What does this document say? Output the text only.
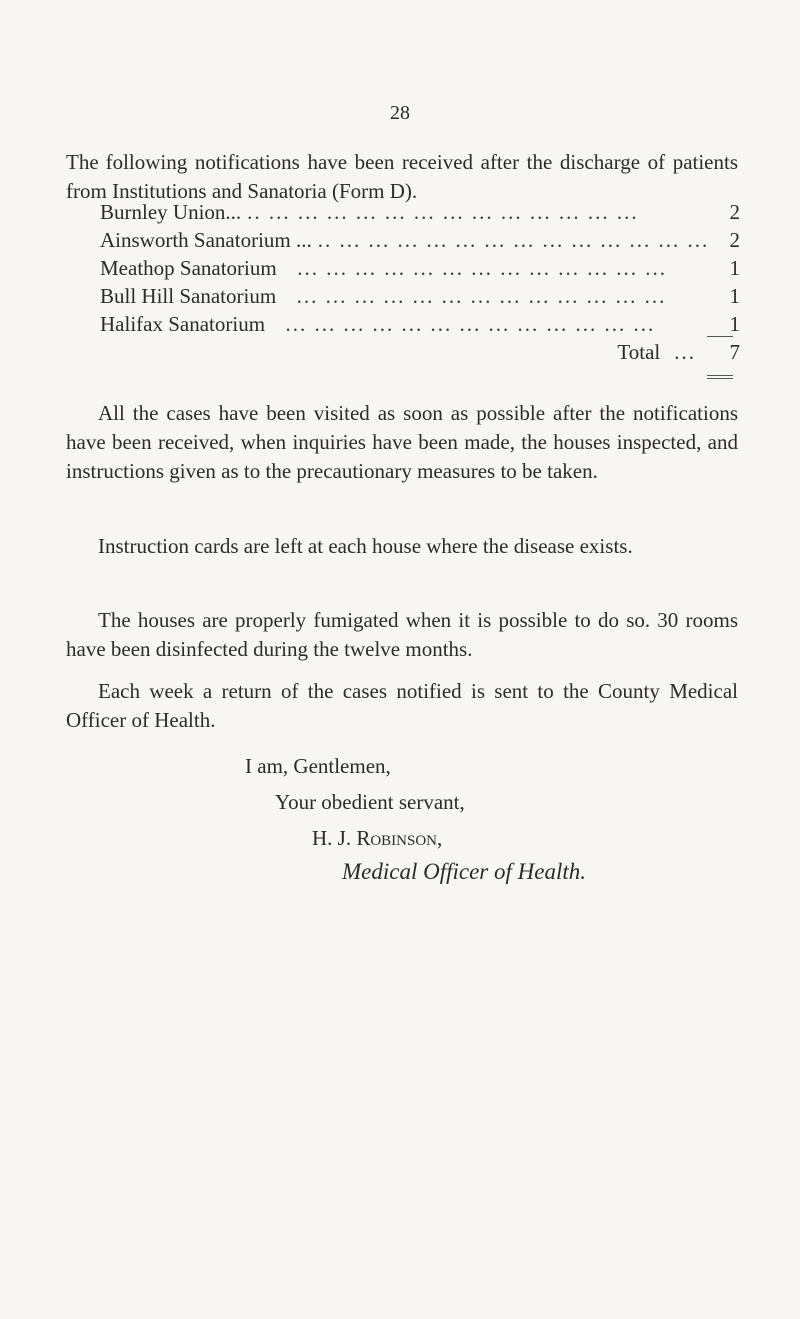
28

The following notifications have been received after the discharge of patients from Institutions and Sanatoria (Form D).

Burnley Union... .. ... ... ... ... ... ... ... ... ... ... ... ... ...	2
Ainsworth Sanatorium ... .. ... ... ... ... ... ... ... ... ... ... ... ... ... 2
Meathop Sanatorium ... ... ... ... ... ... ... ... ... ... ... ... ...	1
Bull Hill Sanatorium ... ... ... ... ... ... ... ... ... ... ... ... ...	1
Halifax Sanatorium ... ... ... ... ... ... ... ... ... ... ... ... ...	1
Total ...	7

All the cases have been visited as soon as possible after the notifications have been received, when inquiries have been made, the houses inspected, and instructions given as to the precautionary measures to be taken.

Instruction cards are left at each house where the disease exists.

The houses are properly fumigated when it is possible to do so. 30 rooms have been disinfected during the twelve months.

Each week a return of the cases notified is sent to the County Medical Officer of Health.

I am, Gentlemen,
Your obedient servant,
H. J. Robinson,
Medical Officer of Health.
